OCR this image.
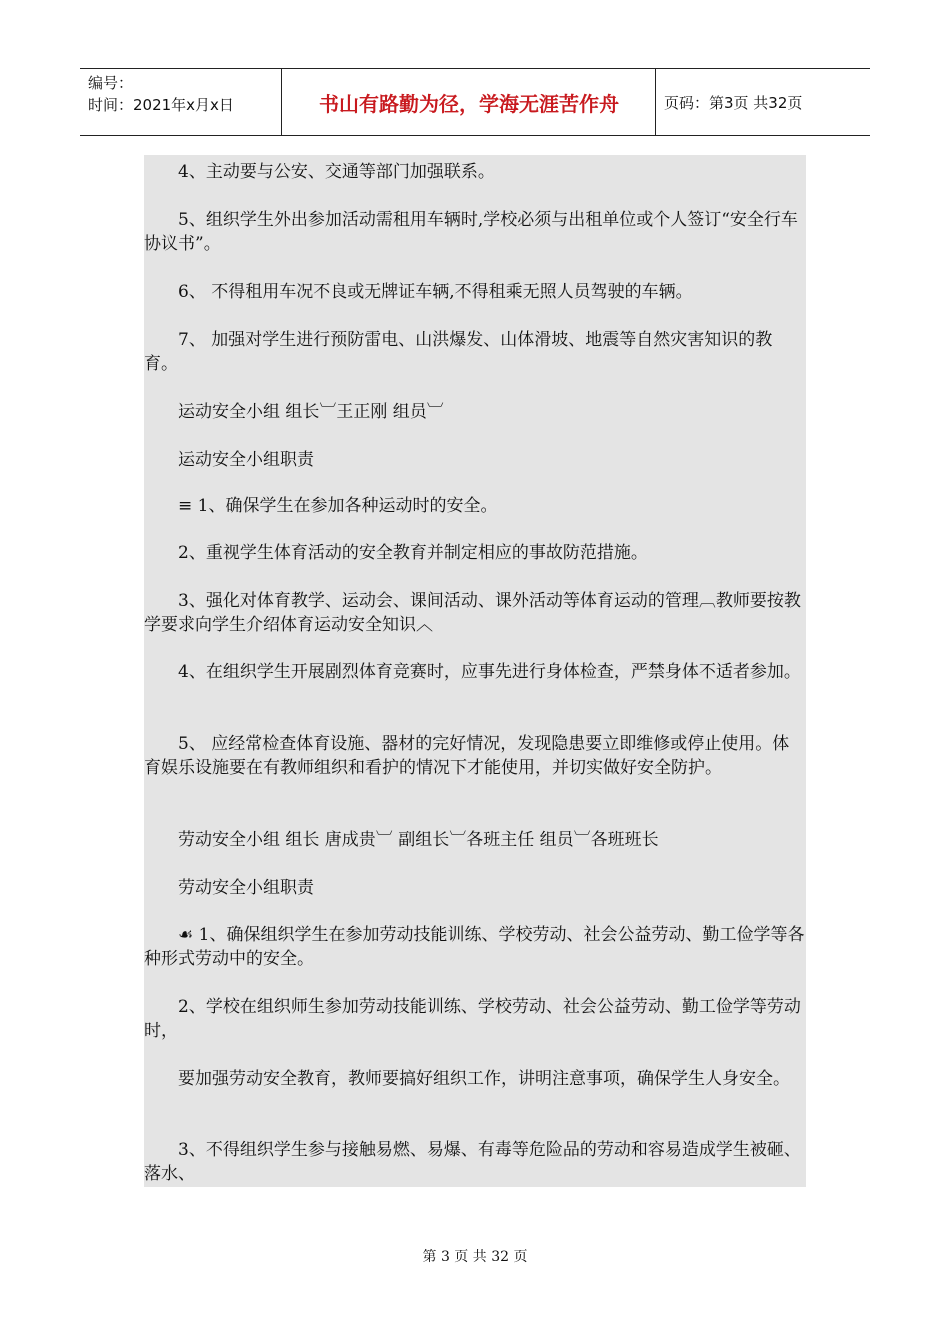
编号：
时间：2021年x月x日	书山有路勤为径，学海无涯苦作舟	页码：第3页 共32页

4、主动要与公安、交通等部门加强联系。

5、组织学生外出参加活动需租用车辆时,学校必须与出租单位或个人签订“安全行车协议书”。

6、 不得租用车况不良或无牌证车辆,不得租乘无照人员驾驶的车辆。

7、 加强对学生进行预防雷电、山洪爆发、山体滑坡、地震等自然灾害知识的教育。

运动安全小组 组长︺王正刚 组员︺

运动安全小组职责

≡ 1、确保学生在参加各种运动时的安全。

2、重视学生体育活动的安全教育并制定相应的事故防范措施。

3、强化对体育教学、运动会、课间活动、课外活动等体育运动的管理︹教师要按教学要求向学生介绍体育运动安全知识︿

4、在组织学生开展剧烈体育竞赛时，应事先进行身体检查，严禁身体不适者参加。

5、 应经常检查体育设施、器材的完好情况，发现隐患要立即维修或停止使用。体育娱乐设施要在有教师组织和看护的情况下才能使用，并切实做好安全防护。

劳动安全小组 组长 唐成贵︺ 副组长︺各班主任 组员︺各班班长

劳动安全小组职责

☙ 1、确保组织学生在参加劳动技能训练、学校劳动、社会公益劳动、勤工俭学等各种形式劳动中的安全。

2、学校在组织师生参加劳动技能训练、学校劳动、社会公益劳动、勤工俭学等劳动时，

要加强劳动安全教育，教师要搞好组织工作，讲明注意事项，确保学生人身安全。

3、不得组织学生参与接触易燃、易爆、有毒等危险品的劳动和容易造成学生被砸、落水、

第 3 页 共 32 页
